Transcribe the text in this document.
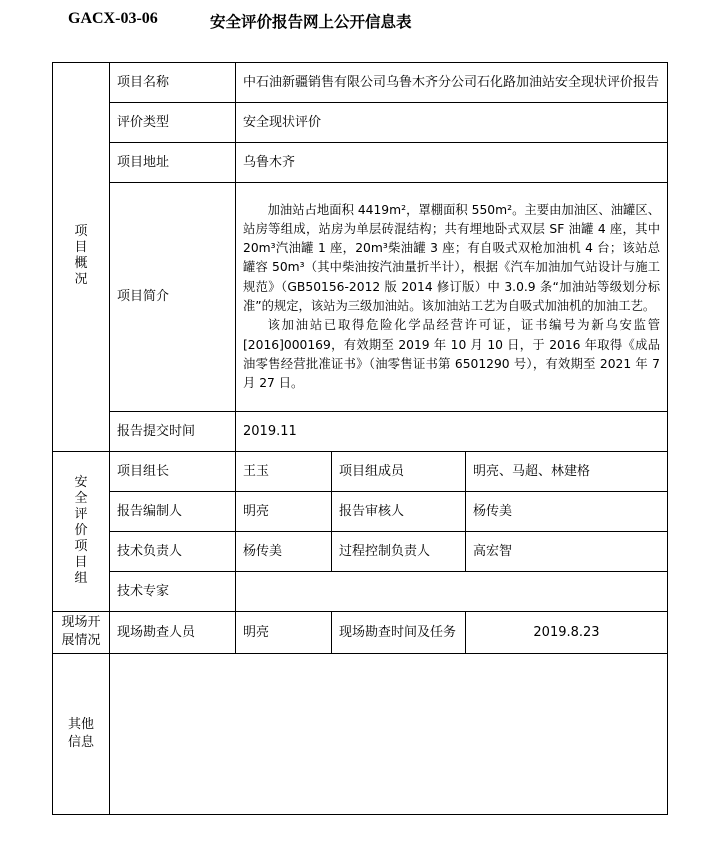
GACX-03-06	安全评价报告网上公开信息表
项目概况	项目名称	中石油新疆销售有限公司乌鲁木齐分公司石化路加油站安全现状评价报告		
	评价类型	安全现状评价		
	项目地址	乌鲁木齐		
	项目简介	加油站占地面积 4419m²，罩棚面积 550m²。主要由加油区、油罐区、站房等组成，站房为单层砖混结构；共有埋地卧式双层 SF 油罐 4 座，其中 20m³汽油罐 1 座，20m³柴油罐 3 座；有自吸式双枪加油机 4 台；该站总罐容 50m³（其中柴油按汽油量折半计），根据《汽车加油加气站设计与施工规范》（GB50156-2012 版 2014 修订版）中 3.0.9 条“加油站等级划分标准”的规定，该站为三级加油站。该加油站工艺为自吸式加油机的加油工艺。

该加油站已取得危险化学品经营许可证，证书编号为新乌安监管[2016]000169，有效期至 2019 年 10 月 10 日，于 2016 年取得《成品油零售经营批准证书》（油零售证书第 6501290 号），有效期至 2021 年 7 月 27 日。		

	报告提交时间	2019.11		
安全评价项目组	项目组长	王玉	项目组成员	明亮、马超、林建格
	报告编制人	明亮	报告审核人	杨传美
	技术负责人	杨传美	过程控制负责人	高宏智
	技术专家			
现场开展情况	现场勘查人员	明亮	现场勘查时间及任务	2019.8.23
其他信息				
